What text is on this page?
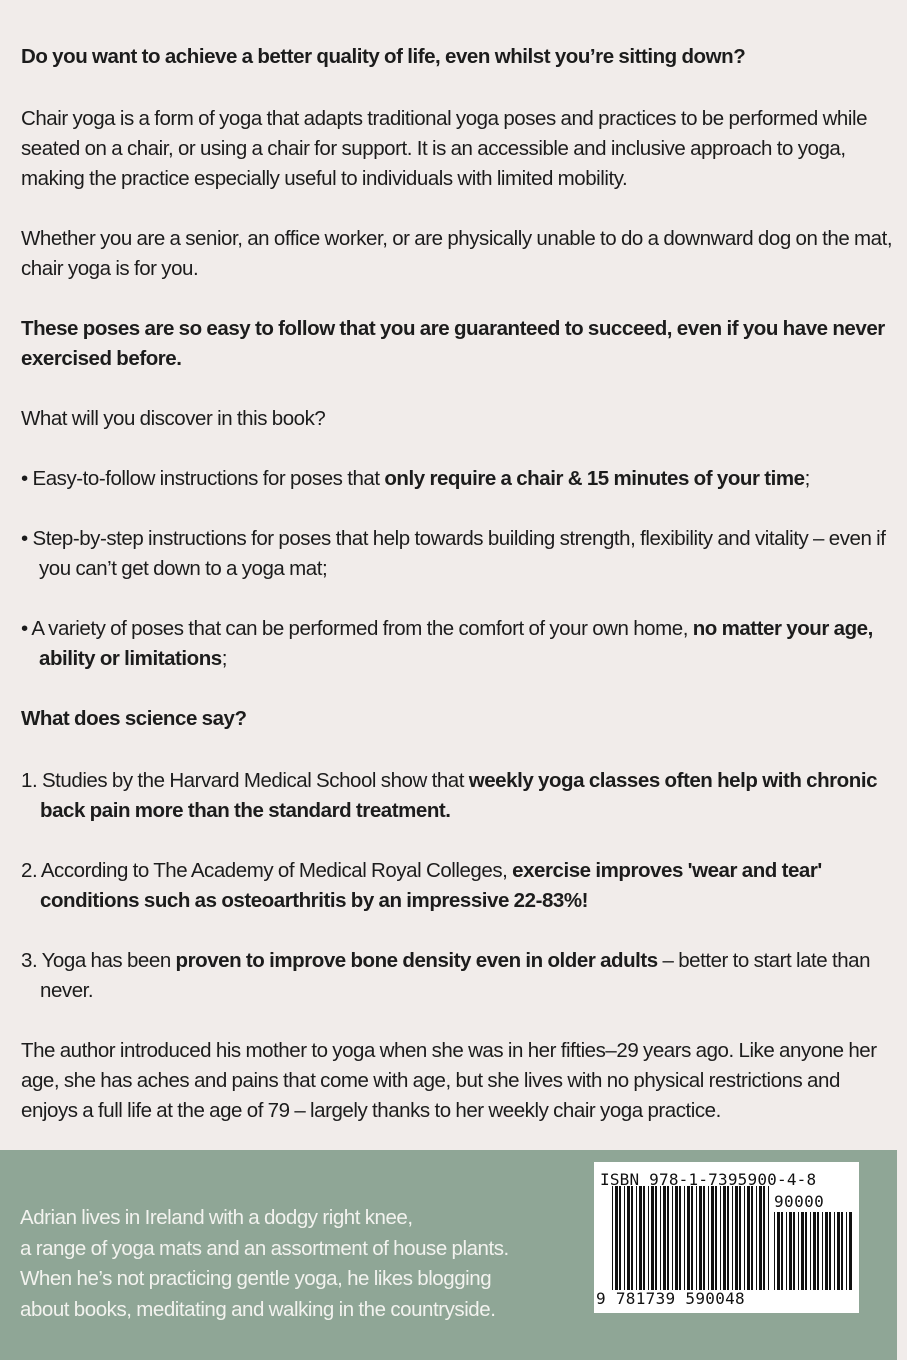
Do you want to achieve a better quality of life, even whilst you’re sitting down?

Chair yoga is a form of yoga that adapts traditional yoga poses and practices to be performed while seated on a chair, or using a chair for support. It is an accessible and inclusive approach to yoga, making the practice especially useful to individuals with limited mobility.

Whether you are a senior, an office worker, or are physically unable to do a downward dog on the mat, chair yoga is for you.

These poses are so easy to follow that you are guaranteed to succeed, even if you have never exercised before.

What will you discover in this book?

• Easy-to-follow instructions for poses that only require a chair & 15 minutes of your time;

• Step-by-step instructions for poses that help towards building strength, flexibility and vitality – even if you can’t get down to a yoga mat;

• A variety of poses that can be performed from the comfort of your own home, no matter your age, ability or limitations;

What does science say?

1. Studies by the Harvard Medical School show that weekly yoga classes often help with chronic back pain more than the standard treatment.

2. According to The Academy of Medical Royal Colleges, exercise improves 'wear and tear' conditions such as osteoarthritis by an impressive 22-83%!

3. Yoga has been proven to improve bone density even in older adults – better to start late than never.

The author introduced his mother to yoga when she was in her fifties–29 years ago. Like anyone her age, she has aches and pains that come with age, but she lives with no physical restrictions and enjoys a full life at the age of 79 – largely thanks to her weekly chair yoga practice.

Adrian lives in Ireland with a dodgy right knee,
a range of yoga mats and an assortment of house plants.
When he’s not practicing gentle yoga, he likes blogging
about books, meditating and walking in the countryside.
ISBN 978-1-7395900-4-8
90000
9 781739 590048
